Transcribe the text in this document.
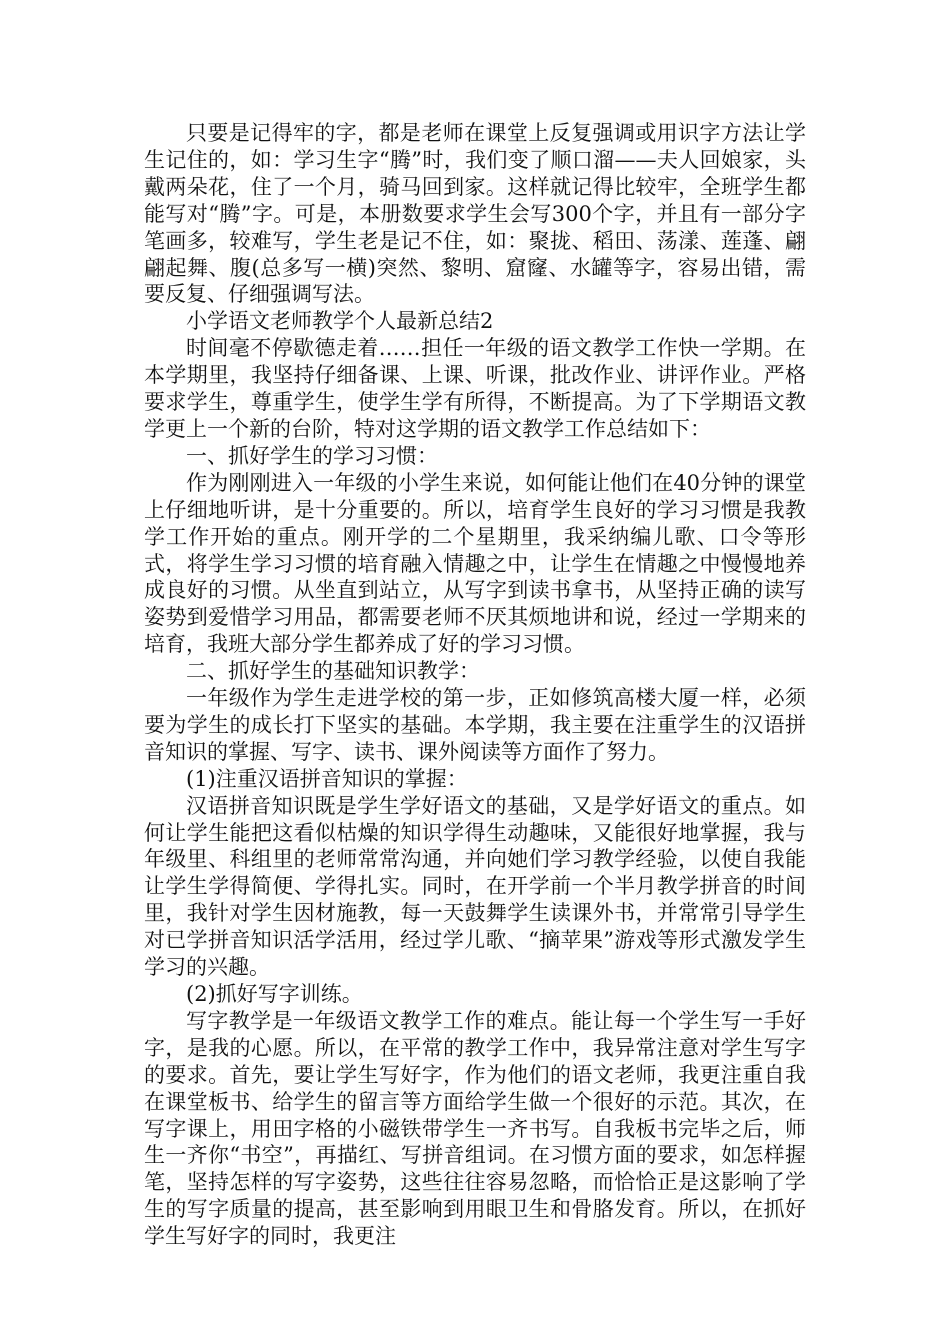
只要是记得牢的字，都是老师在课堂上反复强调或用识字方法让学生记住的，如：学习生字“腾”时，我们变了顺口溜——夫人回娘家，头戴两朵花，住了一个月，骑马回到家。这样就记得比较牢，全班学生都能写对“腾”字。可是，本册数要求学生会写300个字，并且有一部分字笔画多，较难写，学生老是记不住，如：聚拢、稻田、荡漾、莲蓬、翩翩起舞、腹(总多写一横)突然、黎明、窟窿、水罐等字，容易出错，需要反复、仔细强调写法。

小学语文老师教学个人最新总结2

时间毫不停歇德走着……担任一年级的语文教学工作快一学期。在本学期里，我坚持仔细备课、上课、听课，批改作业、讲评作业。严格要求学生，尊重学生，使学生学有所得，不断提高。为了下学期语文教学更上一个新的台阶，特对这学期的语文教学工作总结如下：

一、抓好学生的学习习惯：

作为刚刚进入一年级的小学生来说，如何能让他们在40分钟的课堂上仔细地听讲，是十分重要的。所以，培育学生良好的学习习惯是我教学工作开始的重点。刚开学的二个星期里，我采纳编儿歌、口令等形式，将学生学习习惯的培育融入情趣之中，让学生在情趣之中慢慢地养成良好的习惯。从坐直到站立，从写字到读书拿书，从坚持正确的读写姿势到爱惜学习用品，都需要老师不厌其烦地讲和说，经过一学期来的培育，我班大部分学生都养成了好的学习习惯。

二、抓好学生的基础知识教学：

一年级作为学生走进学校的第一步，正如修筑高楼大厦一样，必须要为学生的成长打下坚实的基础。本学期，我主要在注重学生的汉语拼音知识的掌握、写字、读书、课外阅读等方面作了努力。

(1)注重汉语拼音知识的掌握：

汉语拼音知识既是学生学好语文的基础，又是学好语文的重点。如何让学生能把这看似枯燥的知识学得生动趣味，又能很好地掌握，我与年级里、科组里的老师常常沟通，并向她们学习教学经验，以使自我能让学生学得简便、学得扎实。同时，在开学前一个半月教学拼音的时间里，我针对学生因材施教，每一天鼓舞学生读课外书，并常常引导学生对已学拼音知识活学活用，经过学儿歌、“摘苹果”游戏等形式激发学生学习的兴趣。

(2)抓好写字训练。

写字教学是一年级语文教学工作的难点。能让每一个学生写一手好字，是我的心愿。所以，在平常的教学工作中，我异常注意对学生写字的要求。首先，要让学生写好字，作为他们的语文老师，我更注重自我在课堂板书、给学生的留言等方面给学生做一个很好的示范。其次，在写字课上，用田字格的小磁铁带学生一齐书写。自我板书完毕之后，师生一齐你“书空”，再描红、写拼音组词。在习惯方面的要求，如怎样握笔，坚持怎样的写字姿势，这些往往容易忽略，而恰恰正是这影响了学生的写字质量的提高，甚至影响到用眼卫生和骨胳发育。所以，在抓好学生写好字的同时，我更注
